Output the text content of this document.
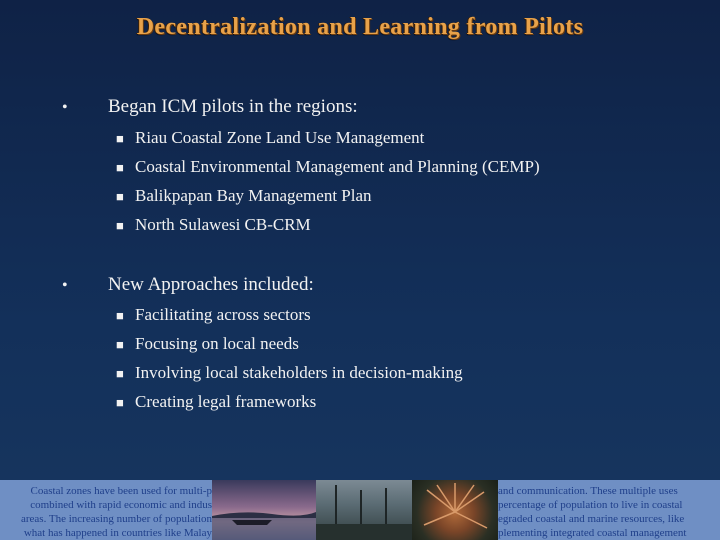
Decentralization and Learning from Pilots
•	Began ICM pilots in the regions:
■ Riau Coastal Zone Land Use Management
■ Coastal Environmental Management and Planning (CEMP)
■ Balikpapan Bay Management Plan
■ North Sulawesi CB-CRM
•	New Approaches included:
■ Facilitating across sectors
■ Focusing on local needs
■ Involving local stakeholders in decision-making
■ Creating legal frameworks
Coastal zones have been used for multi-p
combined with rapid economic and indus
areas. The increasing number of population
what has happened in countries like Malay
and communication. These multiple uses
percentage of population to live in coastal
egraded coastal and marine resources, like
plementing integrated coastal management
